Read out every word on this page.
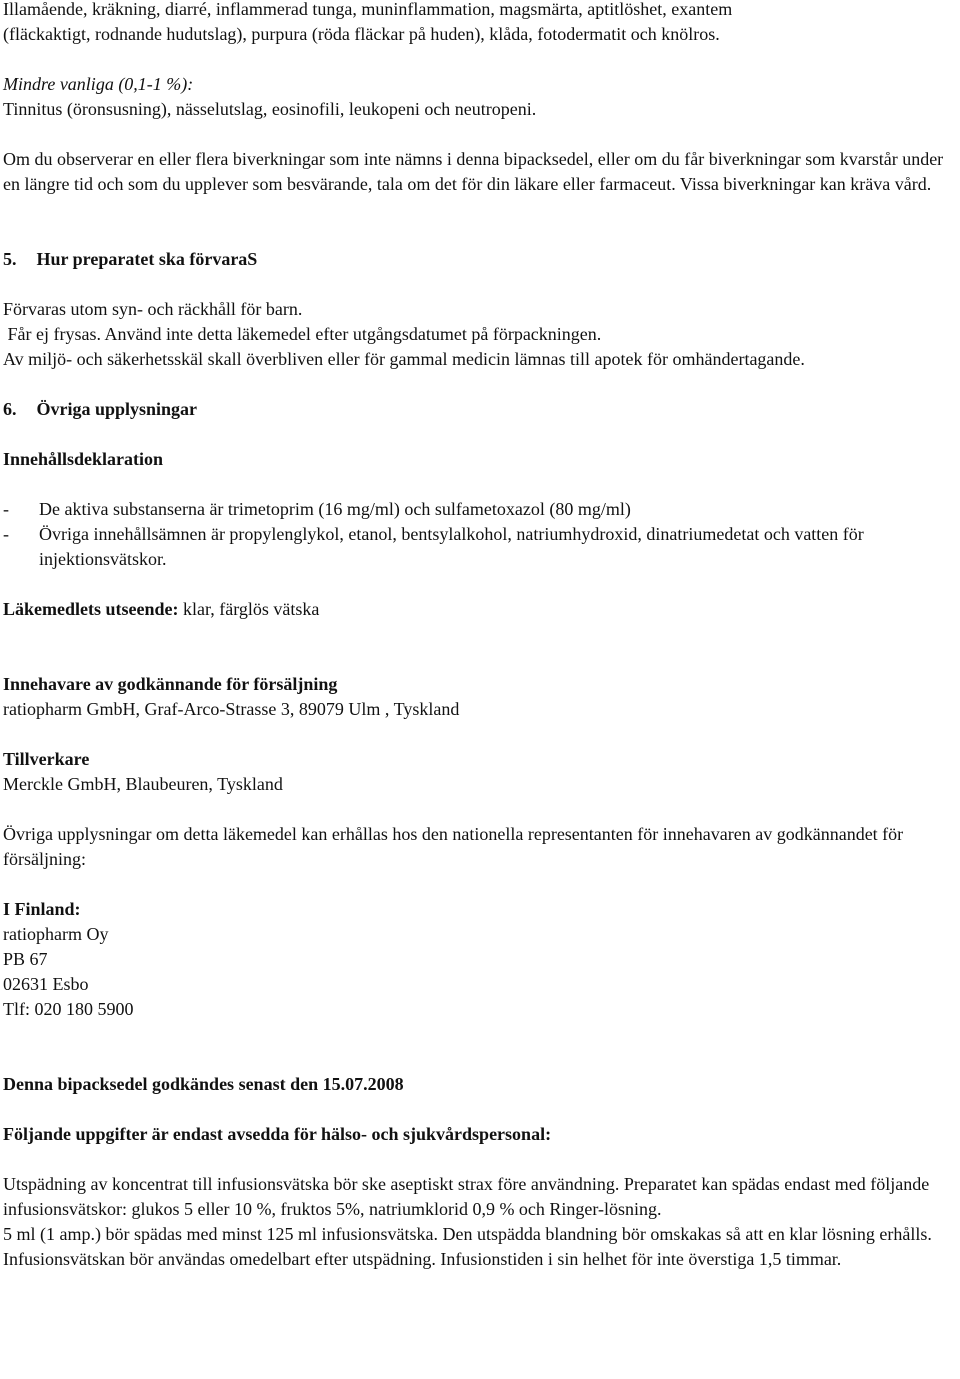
Illamående, kräkning, diarré, inflammerad tunga, muninflammation, magsmärta, aptitlöshet, exantem

(fläckaktigt, rodnande hudutslag), purpura (röda fläckar på huden), klåda, fotodermatit och knölros.

Mindre vanliga (0,1-1 %):

Tinnitus (öronsusning), nässelutslag, eosinofili, leukopeni och neutropeni.

Om du observerar en eller flera biverkningar som inte nämns i denna bipacksedel, eller om du får biverkningar som kvarstår under en längre tid och som du upplever som besvärande, tala om det för din läkare eller farmaceut. Vissa biverkningar kan kräva vård.

5. Hur preparatet ska förvaraS

Förvaras utom syn- och räckhåll för barn.

Får ej frysas. Använd inte detta läkemedel efter utgångsdatumet på förpackningen.

Av miljö- och säkerhetsskäl skall överbliven eller för gammal medicin lämnas till apotek för omhändertagande.

6. Övriga upplysningar

Innehållsdeklaration

- De aktiva substanserna är trimetoprim (16 mg/ml) och sulfametoxazol (80 mg/ml)
- Övriga innehållsämnen är propylenglykol, etanol, bentsylalkohol, natriumhydroxid, dinatriumedetat och vatten för injektionsvätskor.

Läkemedlets utseende: klar, färglös vätska

Innehavare av godkännande för försäljning

ratiopharm GmbH, Graf-Arco-Strasse 3, 89079 Ulm , Tyskland

Tillverkare

Merckle GmbH, Blaubeuren, Tyskland

Övriga upplysningar om detta läkemedel kan erhållas hos den nationella representanten för innehavaren av godkännandet för försäljning:

I Finland:

ratiopharm Oy

PB 67

02631 Esbo

Tlf: 020 180 5900

Denna bipacksedel godkändes senast den 15.07.2008

Följande uppgifter är endast avsedda för hälso- och sjukvårdspersonal:

Utspädning av koncentrat till infusionsvätska bör ske aseptiskt strax före användning. Preparatet kan spädas endast med följande infusionsvätskor: glukos 5 eller 10 %, fruktos 5%, natriumklorid 0,9 % och Ringer-lösning.

5 ml (1 amp.) bör spädas med minst 125 ml infusionsvätska. Den utspädda blandning bör omskakas så att en klar lösning erhålls. Infusionsvätskan bör användas omedelbart efter utspädning. Infusionstiden i sin helhet för inte överstiga 1,5 timmar.
